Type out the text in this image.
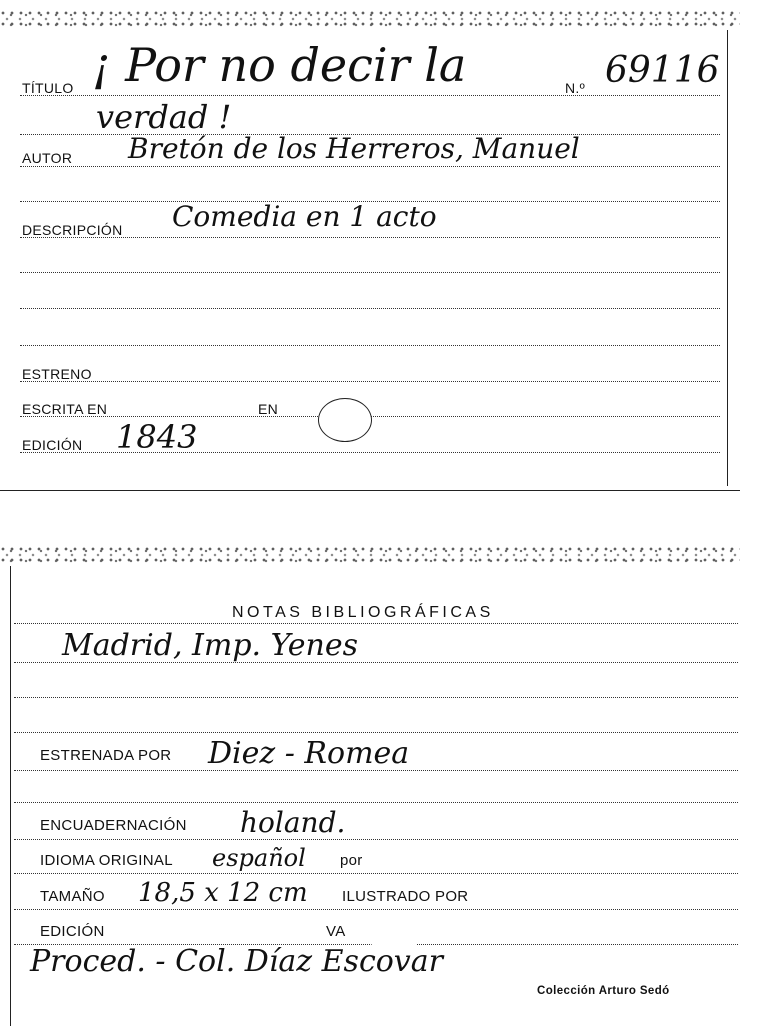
TÍTULO ¡ Por no decir la	N.º 69116
verdad !
AUTOR Bretón de los Herreros, Manuel
DESCRIPCIÓN Comedia en 1 acto
ESTRENO
ESCRITA EN	EN
EDICIÓN 1843
NOTAS BIBLIOGRÁFICAS
Madrid, Imp. Yenes
ESTRENADA POR Diez - Romea
ENCUADERNACIÓN holand.
IDIOMA ORIGINAL español por
TAMAÑO 18,5 x 12 cm ILUSTRADO POR
EDICIÓN	VA
Proced. - Col. Díaz Escovar
Colección Arturo Sedó
